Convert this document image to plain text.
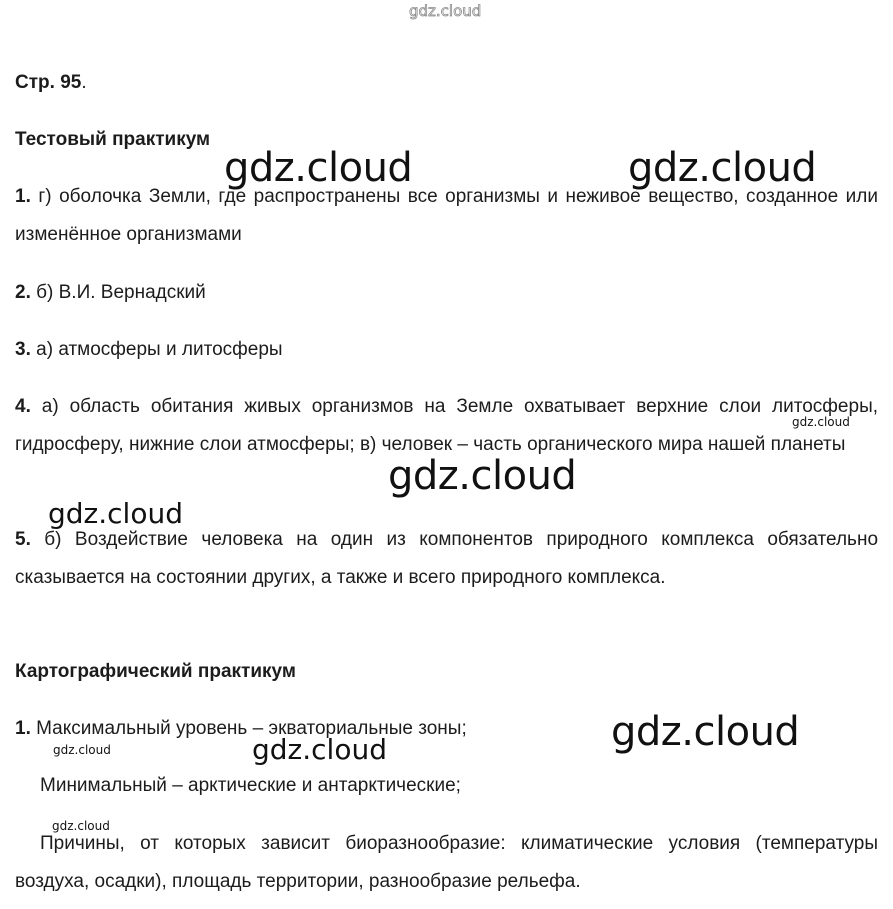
gdz.cloud
Стр. 95.
Тестовый практикум
1. г) оболочка Земли, где распространены все организмы и неживое вещество, созданное или изменённое организмами
2. б) В.И. Вернадский
3. а) атмосферы и литосферы
4. а) область обитания живых организмов на Земле охватывает верхние слои литосферы, гидросферу, нижние слои атмосферы; в) человек – часть органического мира нашей планеты
5. б) Воздействие человека на один из компонентов природного комплекса обязательно сказывается на состоянии других, а также и всего природного комплекса.
Картографический практикум
1. Максимальный уровень – экваториальные зоны;
Минимальный – арктические и антарктические;
Причины, от которых зависит биоразнообразие: климатические условия (температуры воздуха, осадки), площадь территории, разнообразие рельефа.
gdz.cloud	gdz.cloud
gdz.cloud
gdz.cloud
gdz.cloud
gdz.cloud
gdz.cloud	gdz.cloud
gdz.cloud
